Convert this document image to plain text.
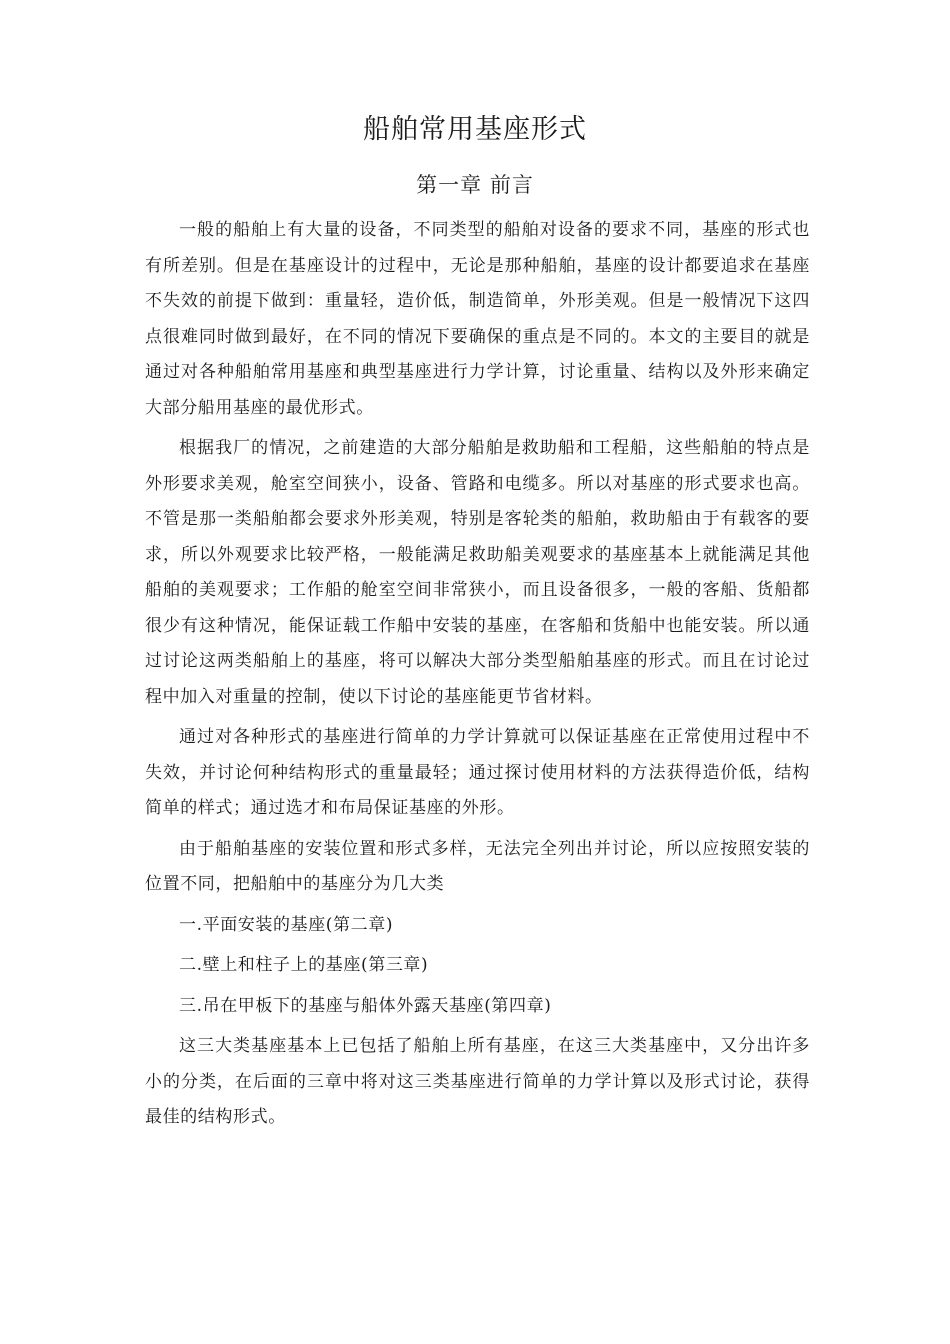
船舶常用基座形式
第一章 前言

一般的船舶上有大量的设备，不同类型的船舶对设备的要求不同，基座的形式也有所差别。但是在基座设计的过程中，无论是那种船舶，基座的设计都要追求在基座不失效的前提下做到：重量轻，造价低，制造简单，外形美观。但是一般情况下这四点很难同时做到最好，在不同的情况下要确保的重点是不同的。本文的主要目的就是通过对各种船舶常用基座和典型基座进行力学计算，讨论重量、结构以及外形来确定大部分船用基座的最优形式。

根据我厂的情况，之前建造的大部分船舶是救助船和工程船，这些船舶的特点是外形要求美观，舱室空间狭小，设备、管路和电缆多。所以对基座的形式要求也高。不管是那一类船舶都会要求外形美观，特别是客轮类的船舶，救助船由于有载客的要求，所以外观要求比较严格，一般能满足救助船美观要求的基座基本上就能满足其他船舶的美观要求；工作船的舱室空间非常狭小，而且设备很多，一般的客船、货船都很少有这种情况，能保证载工作船中安装的基座，在客船和货船中也能安装。所以通过讨论这两类船舶上的基座，将可以解决大部分类型船舶基座的形式。而且在讨论过程中加入对重量的控制，使以下讨论的基座能更节省材料。

通过对各种形式的基座进行简单的力学计算就可以保证基座在正常使用过程中不失效，并讨论何种结构形式的重量最轻；通过探讨使用材料的方法获得造价低，结构简单的样式；通过选才和布局保证基座的外形。

由于船舶基座的安装位置和形式多样，无法完全列出并讨论，所以应按照安装的位置不同，把船舶中的基座分为几大类

一.平面安装的基座(第二章)

二.壁上和柱子上的基座(第三章)

三.吊在甲板下的基座与船体外露天基座(第四章)

这三大类基座基本上已包括了船舶上所有基座，在这三大类基座中，又分出许多小的分类，在后面的三章中将对这三类基座进行简单的力学计算以及形式讨论，获得最佳的结构形式。
